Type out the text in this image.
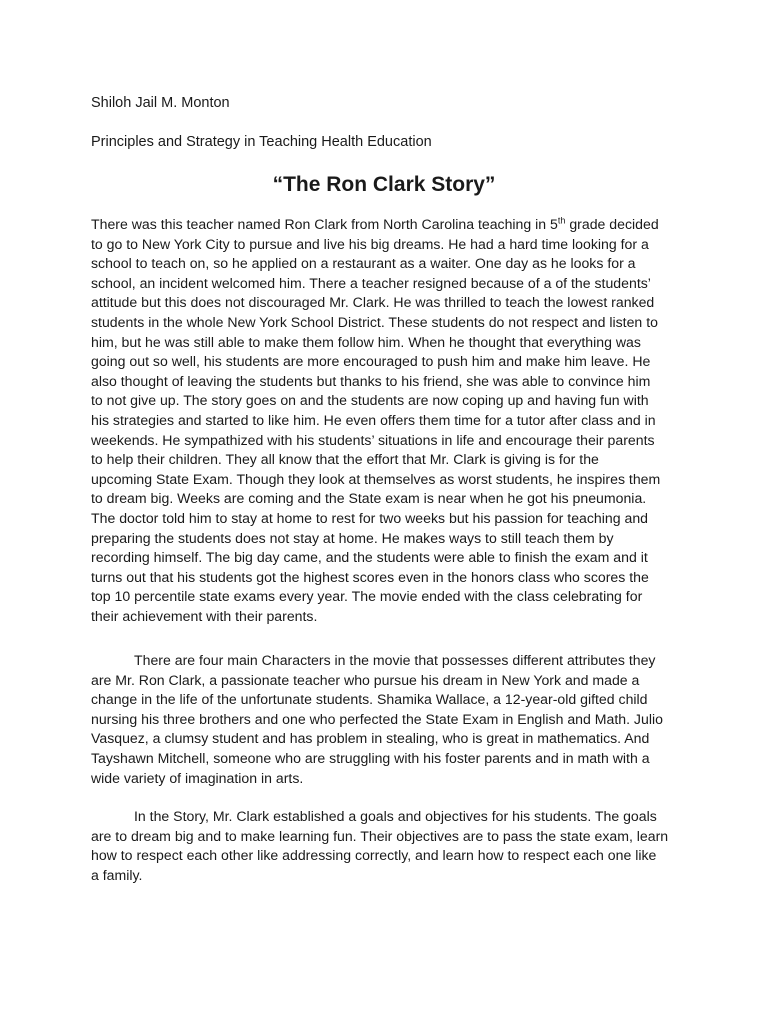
Shiloh Jail M. Monton
Principles and Strategy in Teaching Health Education
“The Ron Clark Story”

There was this teacher named Ron Clark from North Carolina teaching in 5th grade decided
to go to New York City to pursue and live his big dreams. He had a hard time looking for a
school to teach on, so he applied on a restaurant as a waiter. One day as he looks for a
school, an incident welcomed him. There a teacher resigned because of a of the students’
attitude but this does not discouraged Mr. Clark. He was thrilled to teach the lowest ranked
students in the whole New York School District. These students do not respect and listen to
him, but he was still able to make them follow him. When he thought that everything was
going out so well, his students are more encouraged to push him and make him leave. He
also thought of leaving the students but thanks to his friend, she was able to convince him
to not give up. The story goes on and the students are now coping up and having fun with
his strategies and started to like him. He even offers them time for a tutor after class and in
weekends. He sympathized with his students’ situations in life and encourage their parents
to help their children. They all know that the effort that Mr. Clark is giving is for the
upcoming State Exam. Though they look at themselves as worst students, he inspires them
to dream big. Weeks are coming and the State exam is near when he got his pneumonia.
The doctor told him to stay at home to rest for two weeks but his passion for teaching and
preparing the students does not stay at home. He makes ways to still teach them by
recording himself. The big day came, and the students were able to finish the exam and it
turns out that his students got the highest scores even in the honors class who scores the
top 10 percentile state exams every year. The movie ended with the class celebrating for
their achievement with their parents.

There are four main Characters in the movie that possesses different attributes they
are Mr. Ron Clark, a passionate teacher who pursue his dream in New York and made a
change in the life of the unfortunate students. Shamika Wallace, a 12-year-old gifted child
nursing his three brothers and one who perfected the State Exam in English and Math. Julio
Vasquez, a clumsy student and has problem in stealing, who is great in mathematics. And
Tayshawn Mitchell, someone who are struggling with his foster parents and in math with a
wide variety of imagination in arts.

In the Story, Mr. Clark established a goals and objectives for his students. The goals
are to dream big and to make learning fun. Their objectives are to pass the state exam, learn
how to respect each other like addressing correctly, and learn how to respect each one like
a family.
